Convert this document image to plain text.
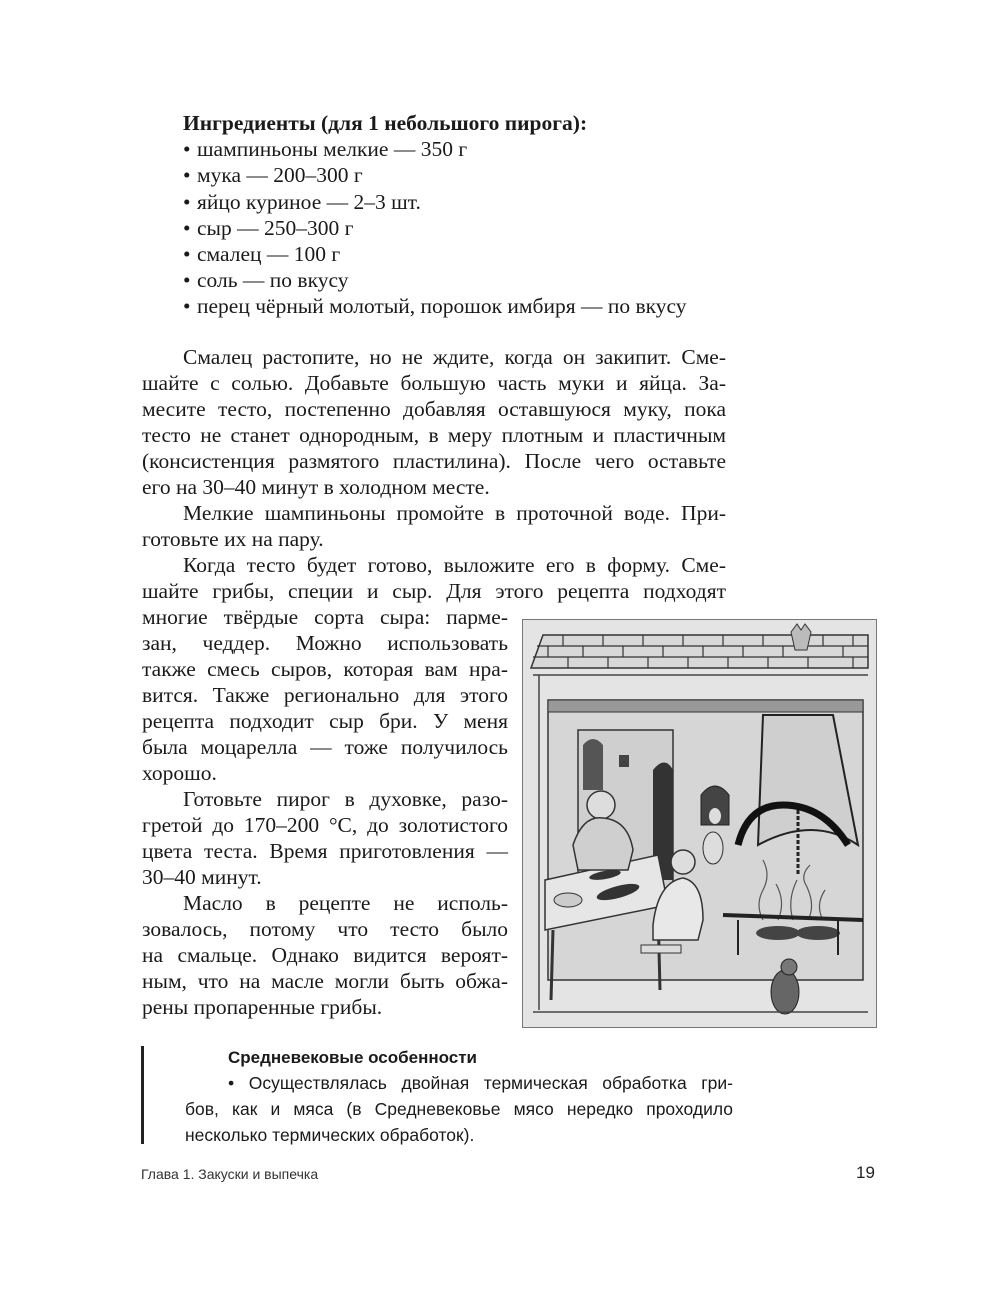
Ингредиенты (для 1 небольшого пирога):
• шампиньоны мелкие — 350 г
• мука — 200–300 г
• яйцо куриное — 2–3 шт.
• сыр — 250–300 г
• смалец — 100 г
• соль — по вкусу
• перец чёрный молотый, порошок имбиря — по вкусу
Смалец растопите, но не ждите, когда он закипит. Сме-
шайте с солью. Добавьте большую часть муки и яйца. За-
месите тесто, постепенно добавляя оставшуюся муку, пока
тесто не станет однородным, в меру плотным и пластичным
(консистенция размятого пластилина). После чего оставьте
его на 30–40 минут в холодном месте.
Мелкие шампиньоны промойте в проточной воде. При-
готовьте их на пару.
Когда тесто будет готово, выложите его в форму. Сме-
шайте грибы, специи и сыр. Для этого рецепта подходят
многие твёрдые сорта сыра: парме-
зан, чеддер. Можно использовать
также смесь сыров, которая вам нра-
вится. Также регионально для этого
рецепта подходит сыр бри. У меня
была моцарелла — тоже получилось
хорошо.
Готовьте пирог в духовке, разо-
гретой до 170–200 °C, до золотистого
цвета теста. Время приготовления —
30–40 минут.
Масло в рецепте не исполь-
зовалось, потому что тесто было
на смальце. Однако видится вероят-
ным, что на масле могли быть обжа-
рены пропаренные грибы.
Средневековые особенности
• Осуществлялась двойная термическая обработка гри-
бов, как и мяса (в Средневековье мясо нередко проходило
несколько термических обработок).
Глава 1. Закуски и выпечка	19
